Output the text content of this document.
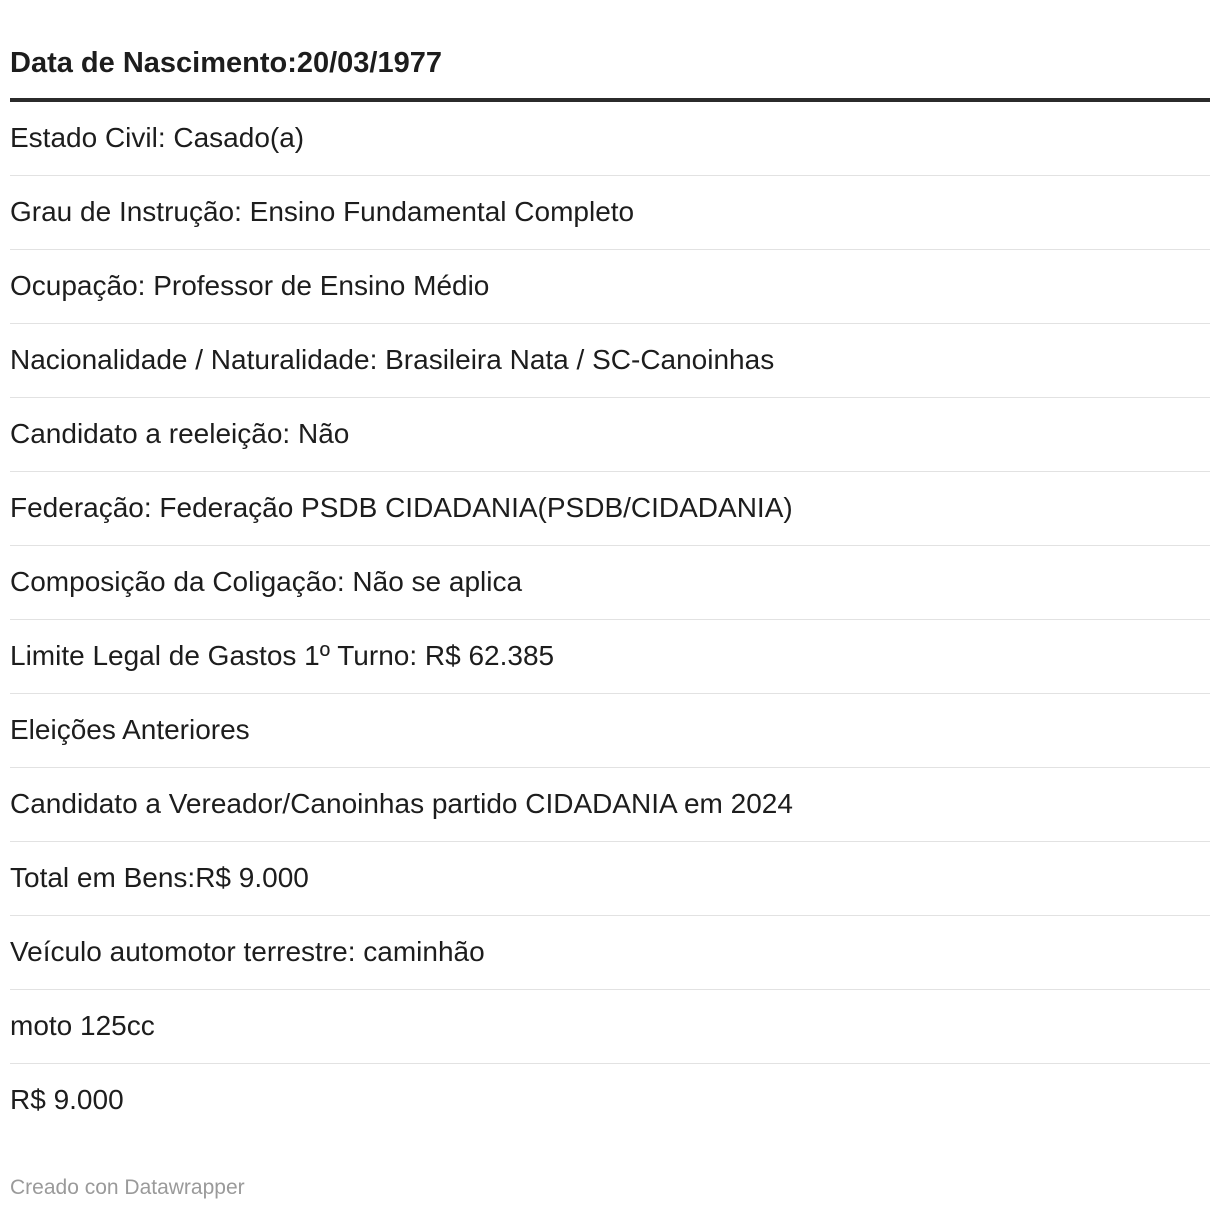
Data de Nascimento:20/03/1977
Estado Civil: Casado(a)
Grau de Instrução: Ensino Fundamental Completo
Ocupação: Professor de Ensino Médio
Nacionalidade / Naturalidade: Brasileira Nata / SC-Canoinhas
Candidato a reeleição: Não
Federação: Federação PSDB CIDADANIA(PSDB/CIDADANIA)
Composição da Coligação: Não se aplica
Limite Legal de Gastos 1º Turno: R$ 62.385
Eleições Anteriores
Candidato a Vereador/Canoinhas partido CIDADANIA em 2024
Total em Bens:R$ 9.000
Veículo automotor terrestre: caminhão
moto 125cc
R$ 9.000
Creado con Datawrapper
